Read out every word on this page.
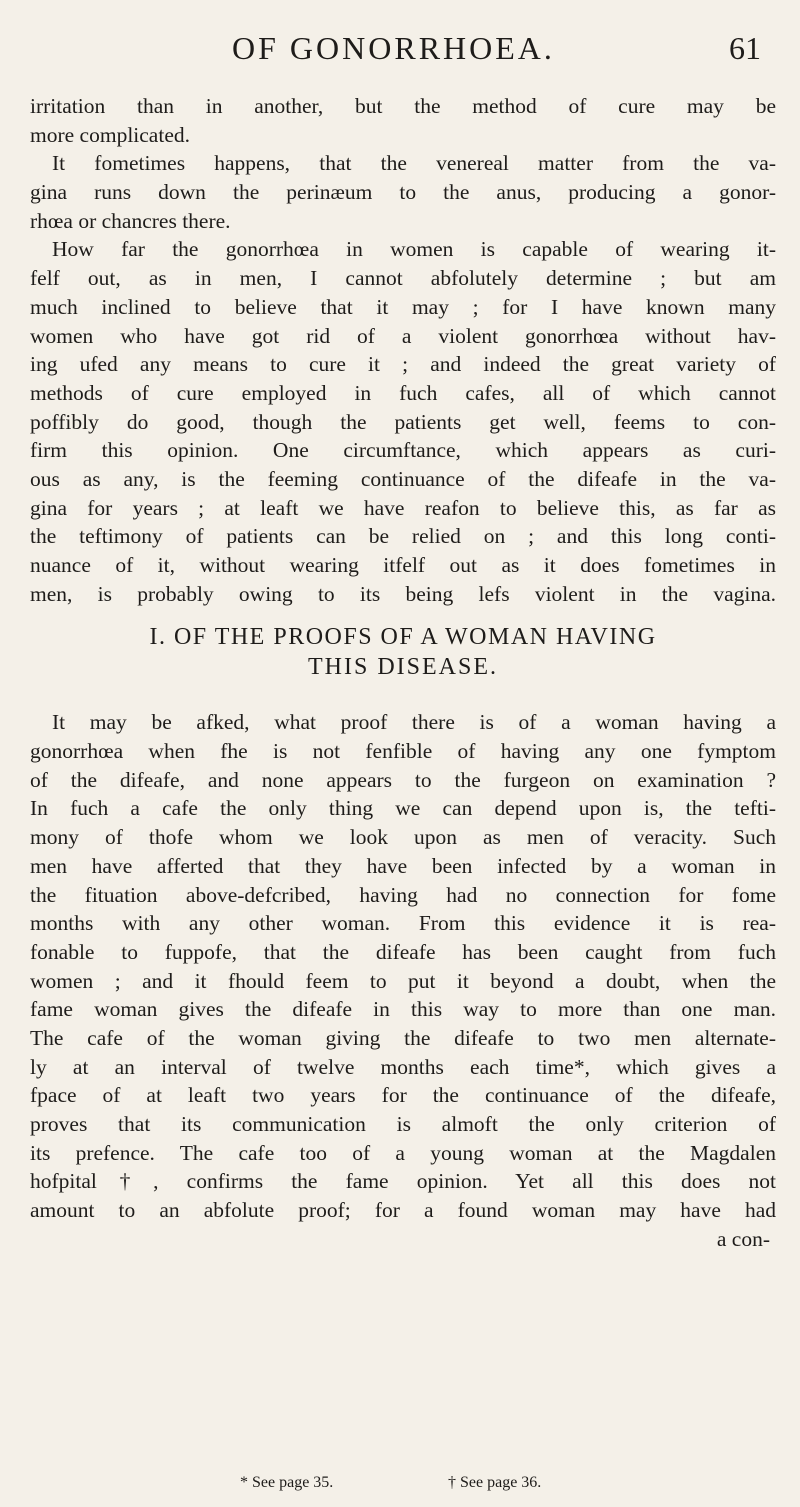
OF GONORRHOEA.	61
irritation than in another, but the method of cure may be
more complicated.
It fometimes happens, that the venereal matter from the va-
gina runs down the perinæum to the anus, producing a gonor-
rhœa or chancres there.
How far the gonorrhœa in women is capable of wearing it-
felf out, as in men, I cannot abfolutely determine ; but am
much inclined to believe that it may ; for I have known many
women who have got rid of a violent gonorrhœa without hav-
ing ufed any means to cure it ; and indeed the great variety of
methods of cure employed in fuch cafes, all of which cannot
poffibly do good, though the patients get well, feems to con-
firm this opinion. One circumftance, which appears as curi-
ous as any, is the feeming continuance of the difeafe in the va-
gina for years ; at leaft we have reafon to believe this, as far as
the teftimony of patients can be relied on ; and this long conti-
nuance of it, without wearing itfelf out as it does fometimes in
men, is probably owing to its being lefs violent in the vagina.
I. OF THE PROOFS OF A WOMAN HAVING
THIS DISEASE.
It may be afked, what proof there is of a woman having a
gonorrhœa when fhe is not fenfible of having any one fymptom
of the difeafe, and none appears to the furgeon on examination ?
In fuch a cafe the only thing we can depend upon is, the tefti-
mony of thofe whom we look upon as men of veracity. Such
men have afferted that they have been infected by a woman in
the fituation above-defcribed, having had no connection for fome
months with any other woman. From this evidence it is rea-
fonable to fuppofe, that the difeafe has been caught from fuch
women ; and it fhould feem to put it beyond a doubt, when the
fame woman gives the difeafe in this way to more than one man.
The cafe of the woman giving the difeafe to two men alternate-
ly at an interval of twelve months each time*, which gives a
fpace of at leaft two years for the continuance of the difeafe,
proves that its communication is almoft the only criterion of
its prefence. The cafe too of a young woman at the Magdalen
hofpital†, confirms the fame opinion. Yet all this does not
amount to an abfolute proof; for a found woman may have had
a con-
* See page 35.	† See page 36.
